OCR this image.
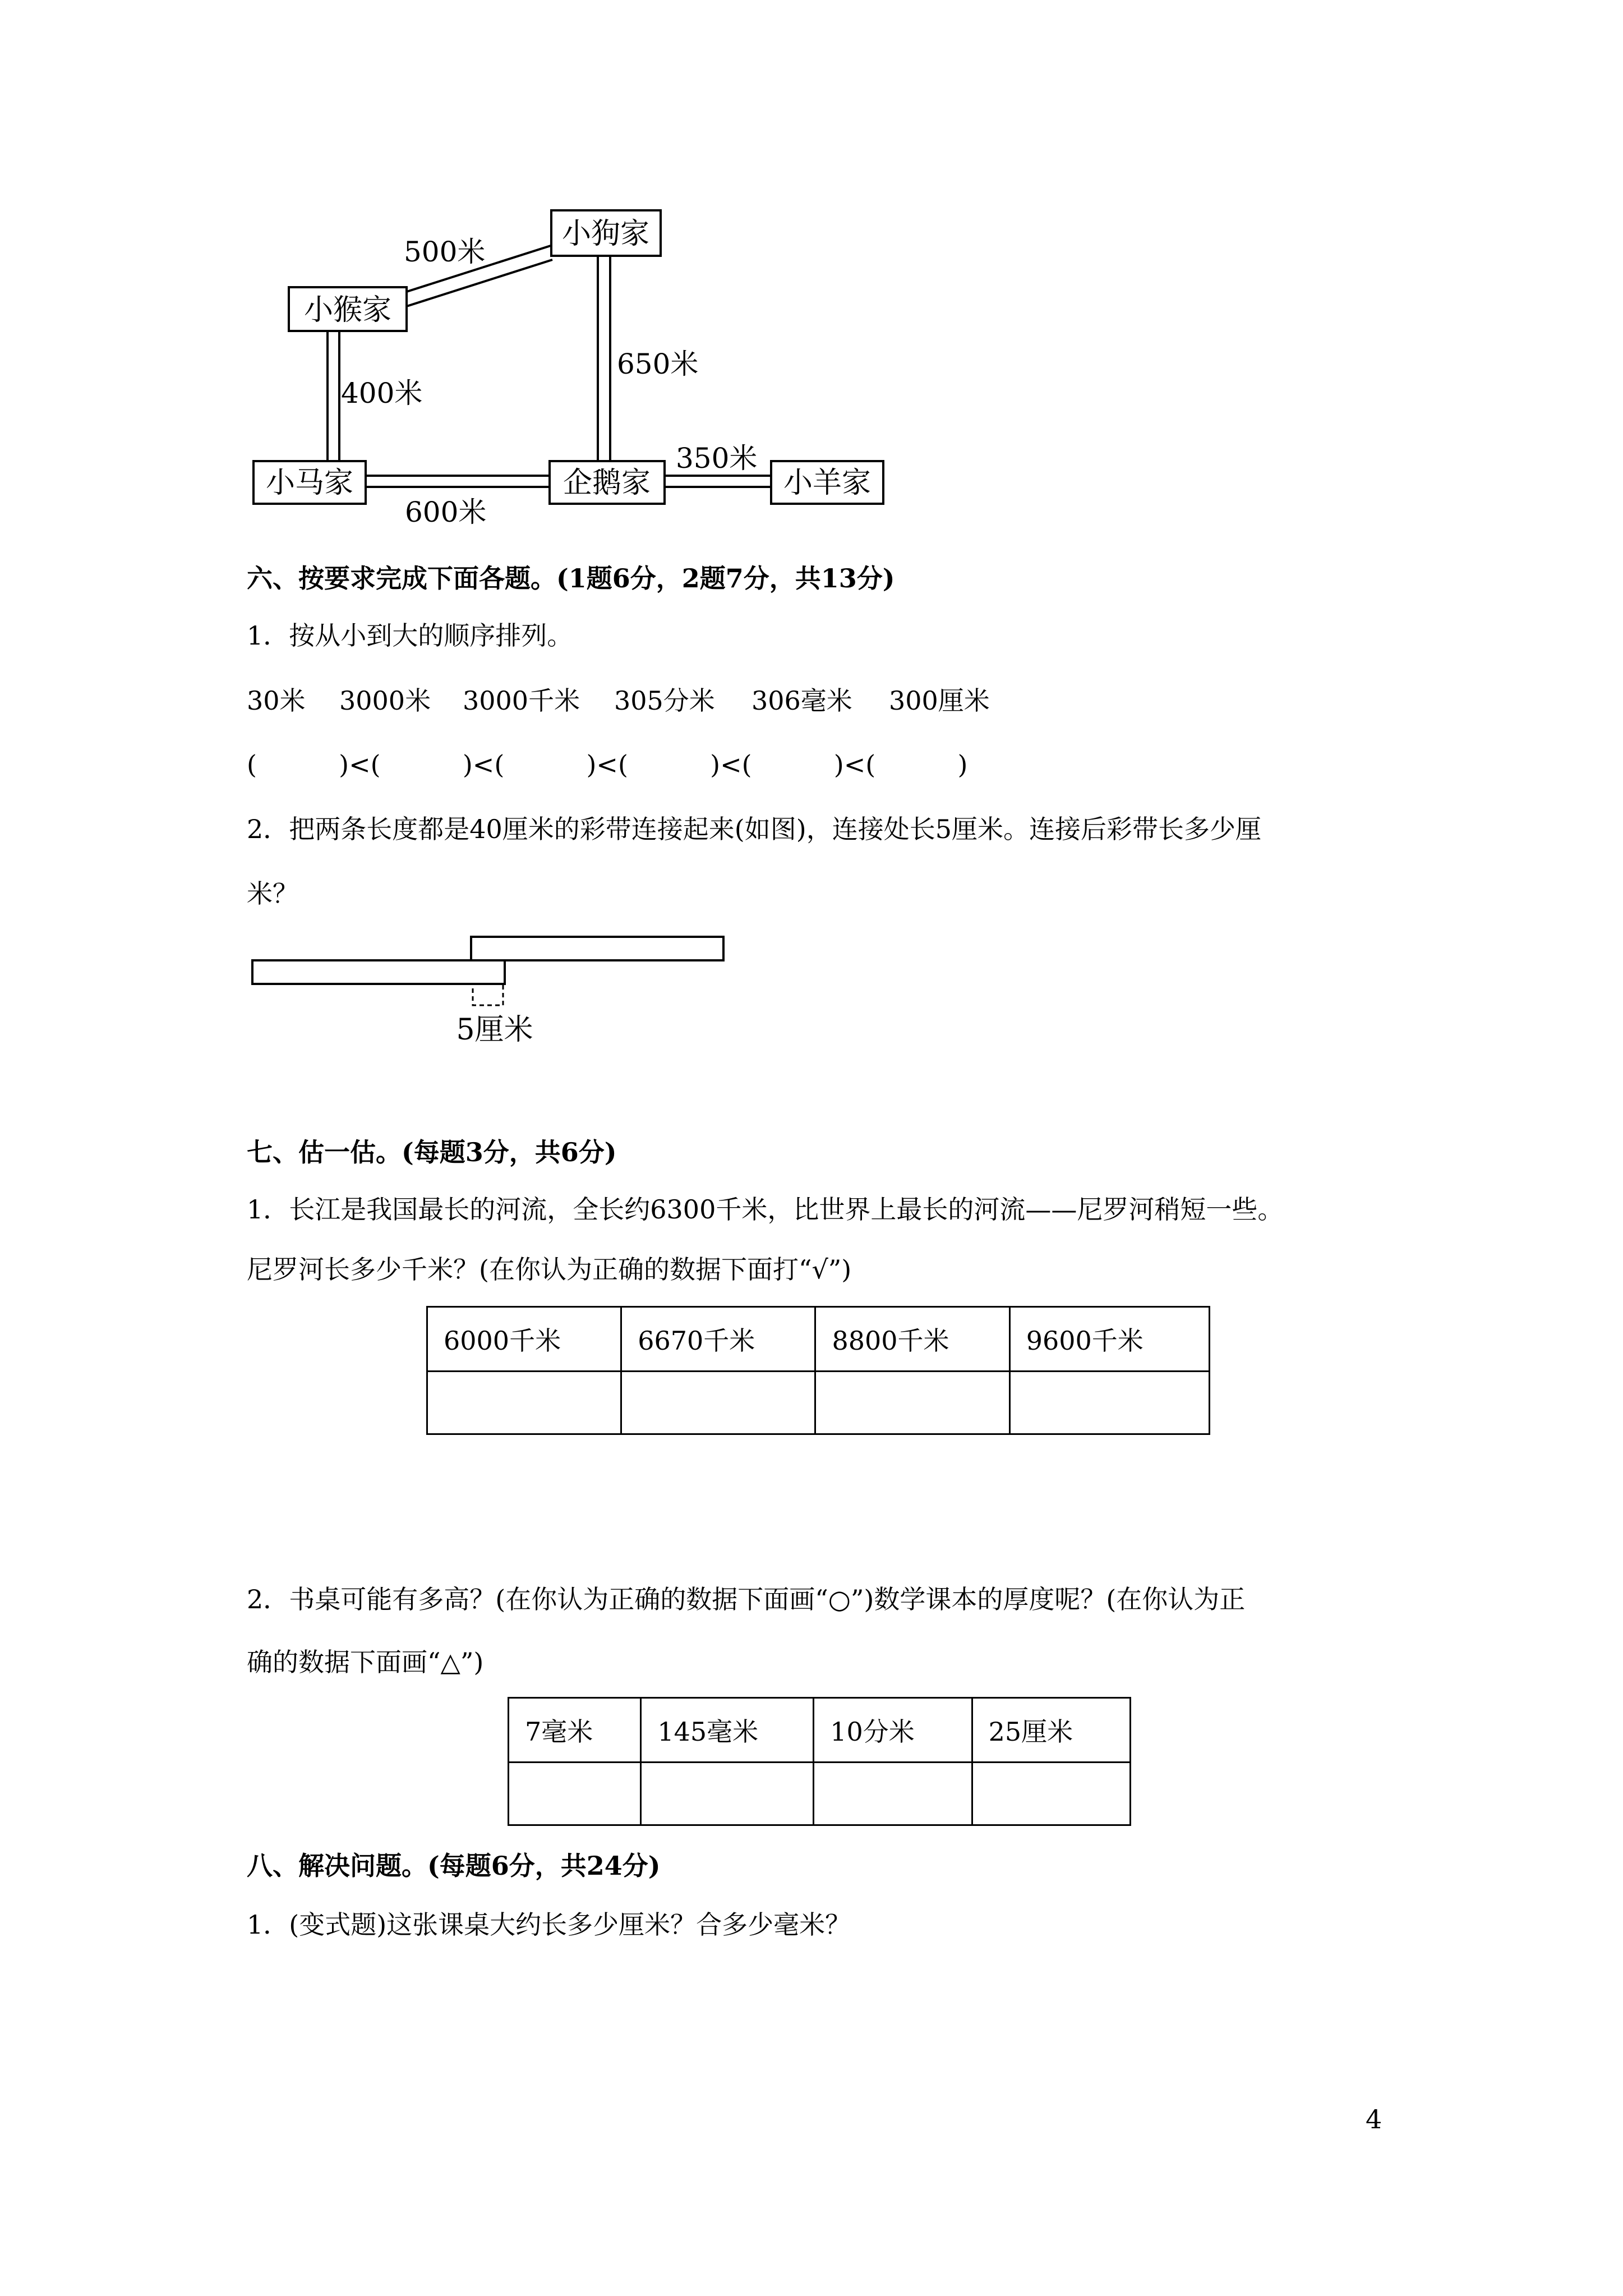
小狗家
小猴家
小马家	企鹅家	小羊家
500米
400米
650米
600米
350米
六、按要求完成下面各题。(1题6分，2题7分，共13分)
1．按从小到大的顺序排列。
30米 3000米 3000千米 305分米 306毫米 300厘米
(          )<(          )<(          )<(          )<(          )<(          )
2．把两条长度都是40厘米的彩带连接起来(如图)，连接处长5厘米。连接后彩带长多少厘
米？
5厘米
七、估一估。(每题3分，共6分)
1．长江是我国最长的河流，全长约6300千米，比世界上最长的河流——尼罗河稍短一些。
尼罗河长多少千米？(在你认为正确的数据下面打“√”)
6000千米	6670千米	8800千米	9600千米

2．书桌可能有多高？(在你认为正确的数据下面画“○”)数学课本的厚度呢？(在你认为正
确的数据下面画“△”)
7毫米	145毫米	10分米	25厘米

八、解决问题。(每题6分，共24分)
1．(变式题)这张课桌大约长多少厘米？合多少毫米？
4
